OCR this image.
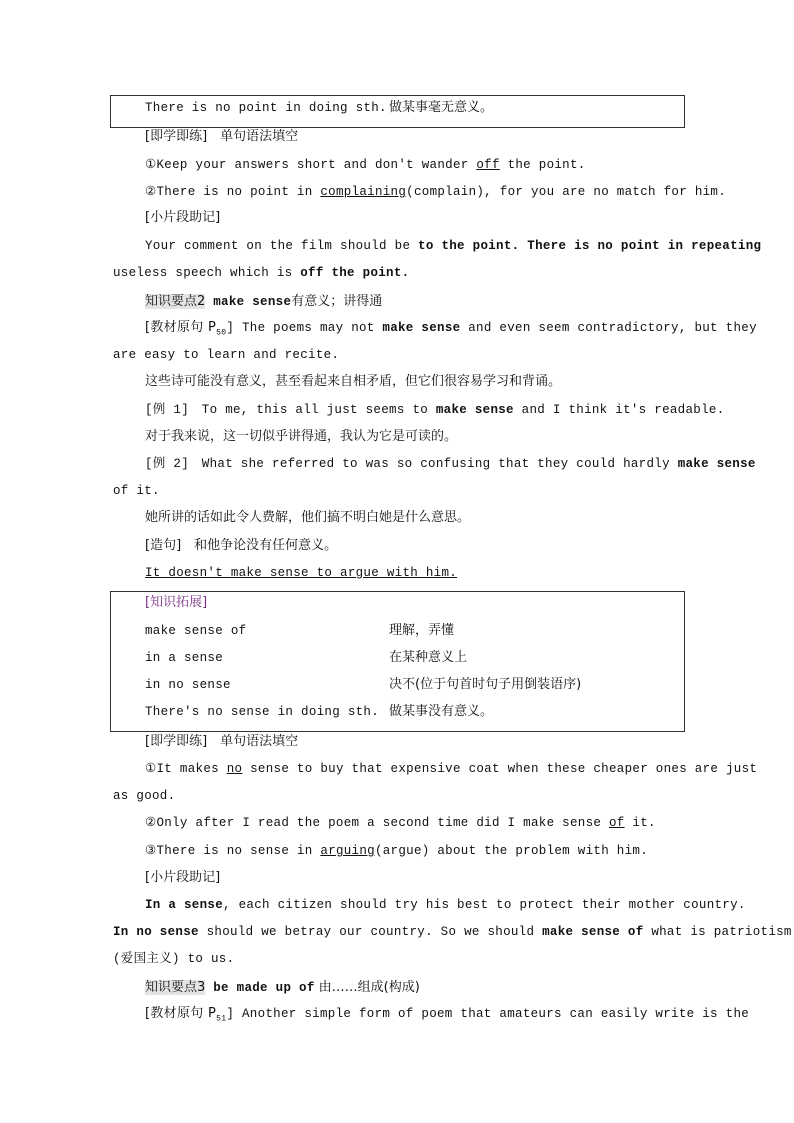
There is no point in doing sth. 做某事毫无意义。
[即学即练]　单句语法填空
①Keep your answers short and don't wander off the point.
②There is no point in complaining(complain), for you are no match for him.
[小片段助记]
Your comment on the film should be to the point. There is no point in repeating
useless speech which is off the point.
知识要点2 make sense有意义；讲得通
[教材原句 $P_{50}$] The poems may not make sense and even seem contradictory, but they
are easy to learn and recite.
这些诗可能没有意义，甚至看起来自相矛盾，但它们很容易学习和背诵。
[例 1]　To me, this all just seems to make sense and I think it's readable.
对于我来说，这一切似乎讲得通，我认为它是可读的。
[例 2]　What she referred to was so confusing that they could hardly make sense
of it.
她所讲的话如此令人费解，他们搞不明白她是什么意思。
[造句]　和他争论没有任何意义。
It doesn't make sense to argue with him.
[知识拓展]
make sense of	理解，弄懂
in a sense	在某种意义上
in no sense	决不(位于句首时句子用倒装语序)
There's no sense in doing sth. 做某事没有意义。
[即学即练]　单句语法填空
①It makes no sense to buy that expensive coat when these cheaper ones are just
as good.
②Only after I read the poem a second time did I make sense of it.
③There is no sense in arguing(argue) about the problem with him.
[小片段助记]
In a sense, each citizen should try his best to protect their mother country.
In no sense should we betray our country. So we should make sense of what is patriotism
(爱国主义) to us.
知识要点3 be made up of 由……组成(构成)
[教材原句 $P_{51}$] Another simple form of poem that amateurs can easily write is the
